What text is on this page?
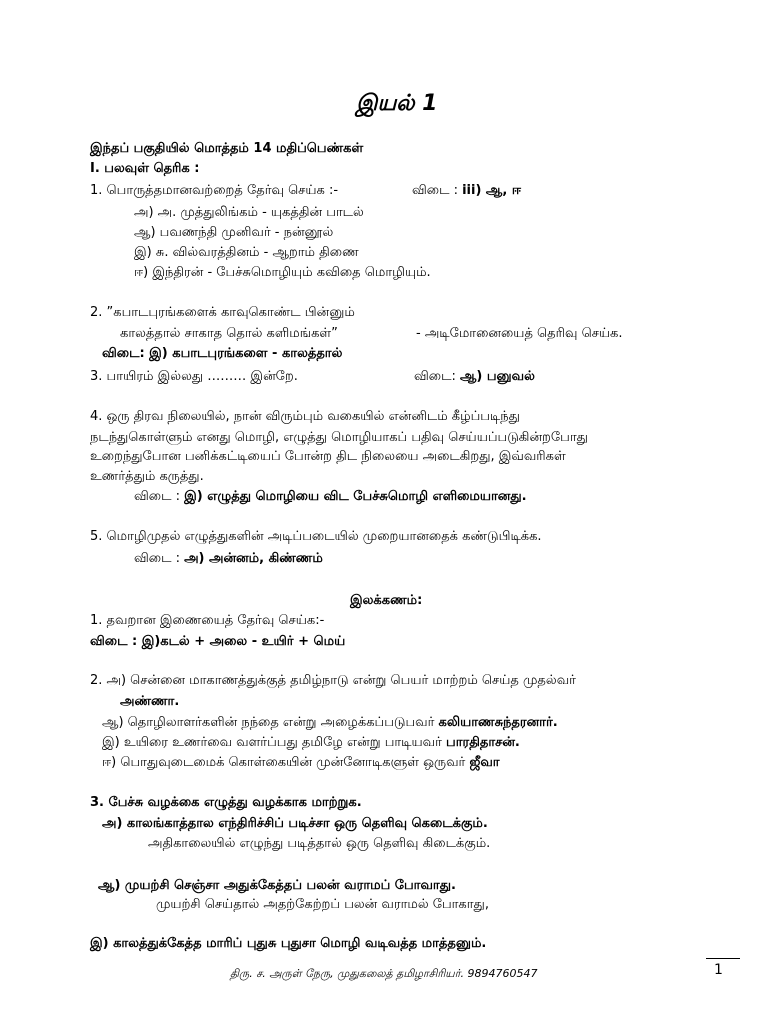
இயல் 1
இந்தப் பகுதியில் மொத்தம் 14 மதிப்பெண்கள்
I. பலவுள் தெரிக :
1. பொருத்தமானவற்றைத் தேர்வு செய்க :-	விடை : iii) ஆ, ஈ
அ) அ. முத்துலிங்கம் - யுகத்தின் பாடல்
ஆ) பவணந்தி முனிவர் - நன்னூல்
இ) சு. வில்வரத்தினம் - ஆறாம் திணை
ஈ) இந்திரன் - பேச்சுமொழியும் கவிதை மொழியும்.
2. ”கபாடபுரங்களைக் காவுகொண்ட பின்னும்
காலத்தால் சாகாத தொல் களிமங்கள்”	- அடிமோனையைத் தெரிவு செய்க.
விடை: இ) கபாடபுரங்களை - காலத்தால்
3. பாயிரம் இல்லது ……… இன்றே.	விடை: ஆ) பனுவல்
4. ஒரு திரவ நிலையில், நான் விரும்பும் வகையில் என்னிடம் கீழ்ப்படிந்து
நடந்துகொள்ளும் எனது மொழி, எழுத்து மொழியாகப் பதிவு செய்யப்படுகின்றபோது
உறைந்துபோன பனிக்கட்டியைப் போன்ற திட நிலையை அடைகிறது, இவ்வரிகள்
உணர்த்தும் கருத்து.
விடை : இ) எழுத்து மொழியை விட பேச்சுமொழி எளிமையானது.
5. மொழிமுதல் எழுத்துகளின் அடிப்படையில் முறையானதைக் கண்டுபிடிக்க.
விடை : அ) அன்னம், கிண்ணம்
இலக்கணம்:
1. தவறான இணையைத் தேர்வு செய்க:-
விடை : இ)கடல் + அலை - உயிர் + மெய்
2. அ) சென்னை மாகாணத்துக்குத் தமிழ்நாடு என்று பெயர் மாற்றம் செய்த முதல்வர்
அண்ணா.
ஆ) தொழிலாளர்களின் நந்தை என்று அழைக்கப்படுபவர் கலியாணசுந்தரனார்.
இ) உயிரை உணர்வை வளர்ப்பது தமிழே என்று பாடியவர் பாரதிதாசன்.
ஈ) பொதுவுடைமைக் கொள்கையின் முன்னோடிகளுள் ஒருவர் ஜீவா
3. பேச்சு வழக்கை எழுத்து வழக்காக மாற்றுக.
அ) காலங்காத்தால எந்திரிச்சிப் படிச்சா ஒரு தெளிவு கெடைக்கும்.
அதிகாலையில் எழுந்து படித்தால் ஒரு தெளிவு கிடைக்கும்.
ஆ) முயற்சி செஞ்சா அதுக்கேத்தப் பலன் வராமப் போவாது.
முயற்சி செய்தால் அதற்கேற்றப் பலன் வராமல் போகாது,
இ) காலத்துக்கேத்த மாரிப் புதுசு புதுசா மொழி வடிவத்த மாத்தனும்.
திரு. ச. அருள் நேரு, முதுகலைத் தமிழாசிரியர். 9894760547	1
